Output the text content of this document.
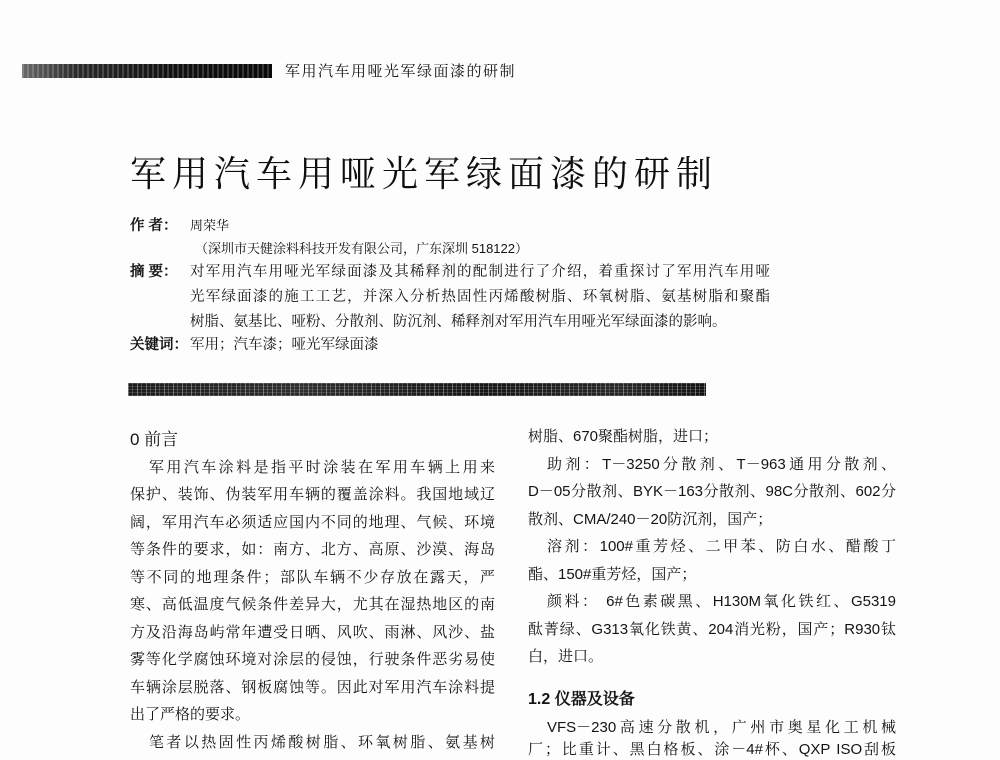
军用汽车用哑光军绿面漆的研制
军用汽车用哑光军绿面漆的研制
作 者： 周荣华
（深圳市天健涂料科技开发有限公司，广东深圳 518122）
摘 要： 对军用汽车用哑光军绿面漆及其稀释剂的配制进行了介绍，着重探讨了军用汽车用哑
光军绿面漆的施工工艺，并深入分析热固性丙烯酸树脂、环氧树脂、氨基树脂和聚酯
树脂、氨基比、哑粉、分散剂、防沉剂、稀释剂对军用汽车用哑光军绿面漆的影响。
关键词： 军用；汽车漆；哑光军绿面漆
0 前言
军用汽车涂料是指平时涂装在军用车辆上用来
保护、装饰、伪装军用车辆的覆盖涂料。我国地域辽
阔，军用汽车必须适应国内不同的地理、气候、环境
等条件的要求，如：南方、北方、高原、沙漠、海岛
等不同的地理条件；部队车辆不少存放在露天，严
寒、高低温度气候条件差异大，尤其在湿热地区的南
方及沿海岛屿常年遭受日晒、风吹、雨淋、风沙、盐
雾等化学腐蚀环境对涂层的侵蚀，行驶条件恶劣易使
车辆涂层脱落、钢板腐蚀等。因此对军用汽车涂料提
出了严格的要求。
笔者以热固性丙烯酸树脂、环氧树脂、氨基树
树脂、670聚酯树脂，进口；
助剂：T－3250分散剂、T－963通用分散剂、
D－05分散剂、BYK－163分散剂、98C分散剂、602分
散剂、CMA/240－20防沉剂，国产；
溶剂：100#重芳烃、二甲苯、防白水、醋酸丁
酯、150#重芳烃，国产；
颜料： 6#色素碳黑、H130M氧化铁红、G5319
酞菁绿、G313氧化铁黄、204消光粉，国产；R930钛
白，进口。
1.2 仪器及设备
VFS－230高速分散机，广州市奥星化工机械
厂；比重计、黑白格板、涂－4#杯、QXP ISO刮板
